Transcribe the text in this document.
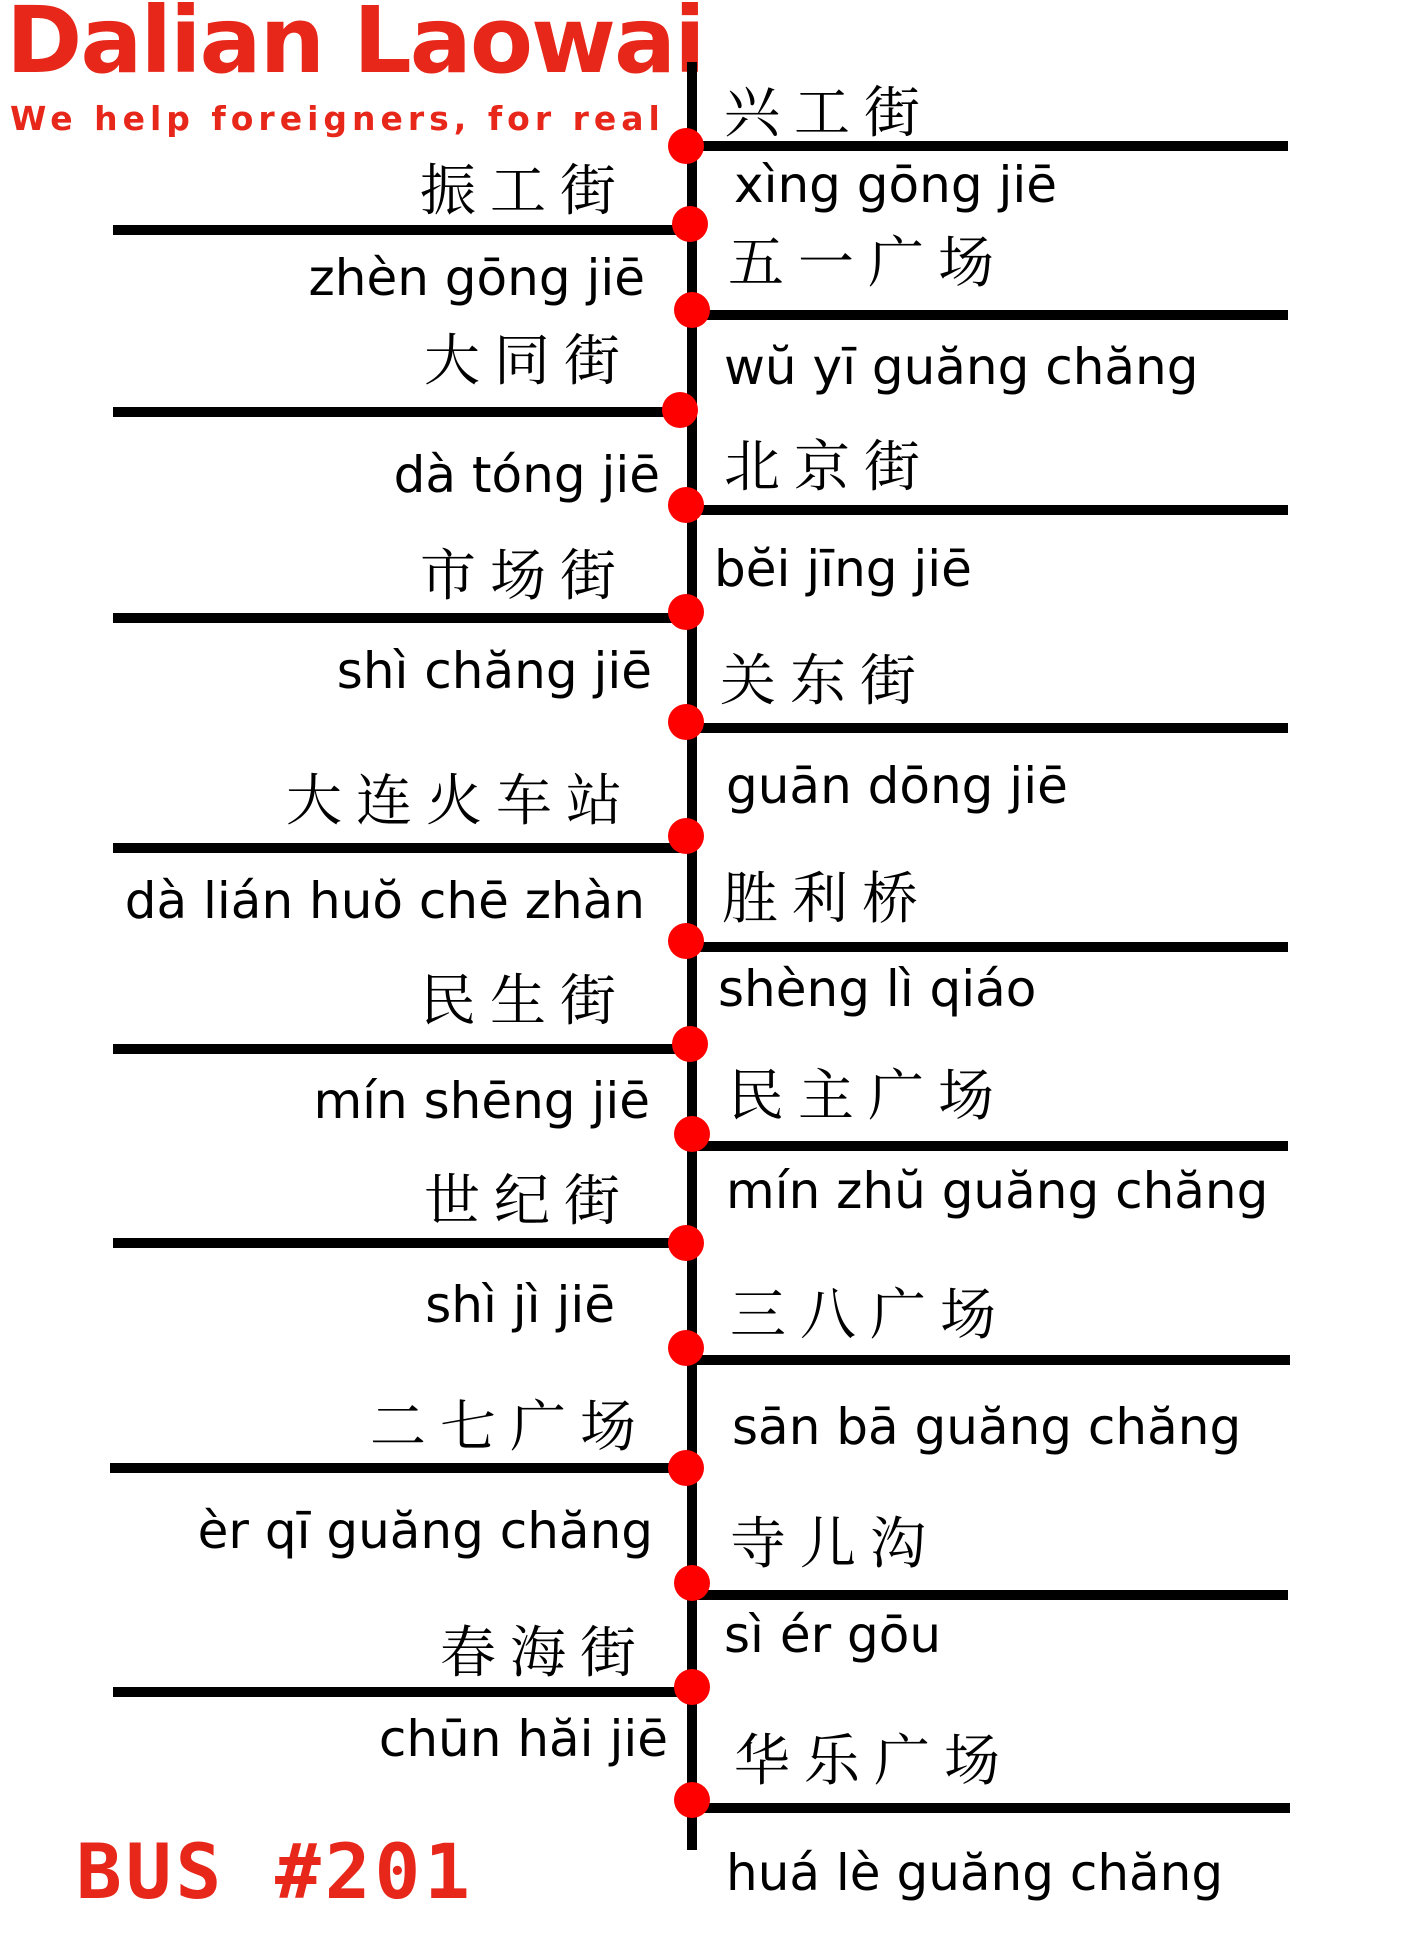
Dalian Laowai
We help foreigners, for real
振工街
zhèn gōng jiē
大同街
dà tóng jiē
市场街
shì chăng jiē
大连火车站
dà lián huŏ chē zhàn
民生街
mín shēng jiē
世纪街
shì jì jiē
二七广场
èr qī guăng chăng
春海街
chūn hăi jiē
兴工街
xìng gōng jiē
五一广场
wŭ yī guăng chăng
北京街
bĕi jīng jiē
关东街
guān dōng jiē
胜利桥
shèng lì qiáo
民主广场
mín zhŭ guăng chăng
三八广场
sān bā guăng chăng
寺儿沟
sì ér gōu
华乐广场
huá lè guăng chăng
BUS #201
